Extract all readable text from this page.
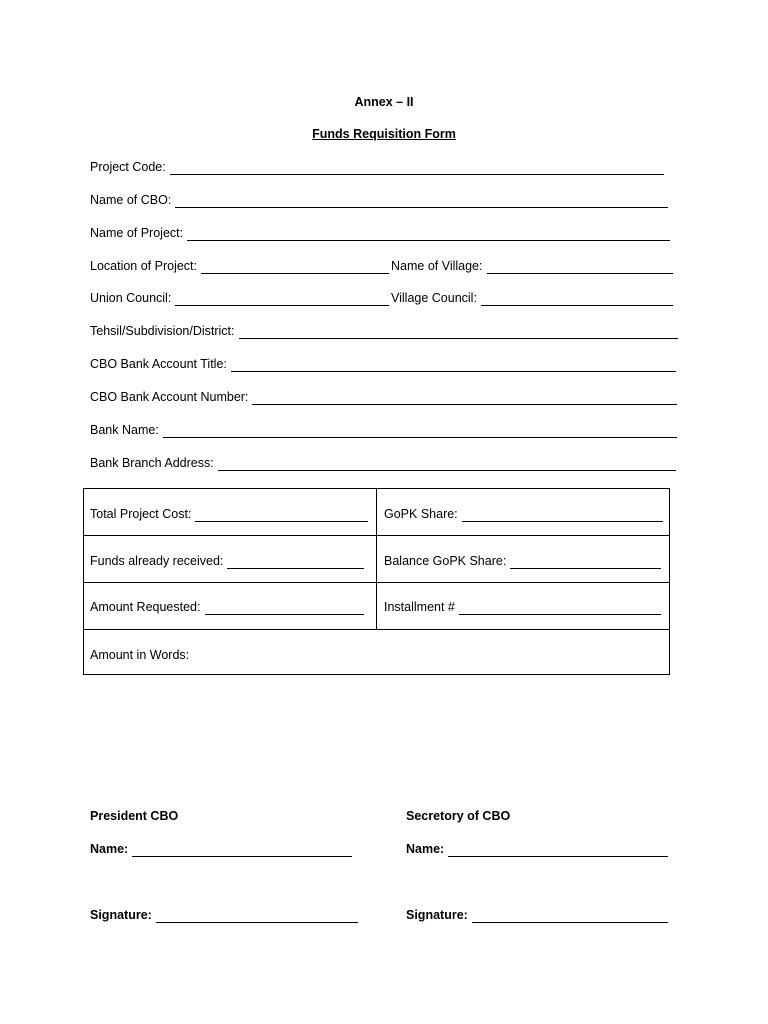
Annex – II
Funds Requisition Form
Project Code:
Name of CBO:
Name of Project:
Location of Project:	Name of Village:
Union Council:	Village Council:
Tehsil/Subdivision/District:
CBO Bank Account Title:
CBO Bank Account Number:
Bank Name:
Bank Branch Address:
Total Project Cost:	GoPK Share:
Funds already received:	Balance GoPK Share:
Amount Requested:	Installment #
Amount in Words:
President CBO	Secretory of CBO
Name:	Name:
Signature:	Signature:
